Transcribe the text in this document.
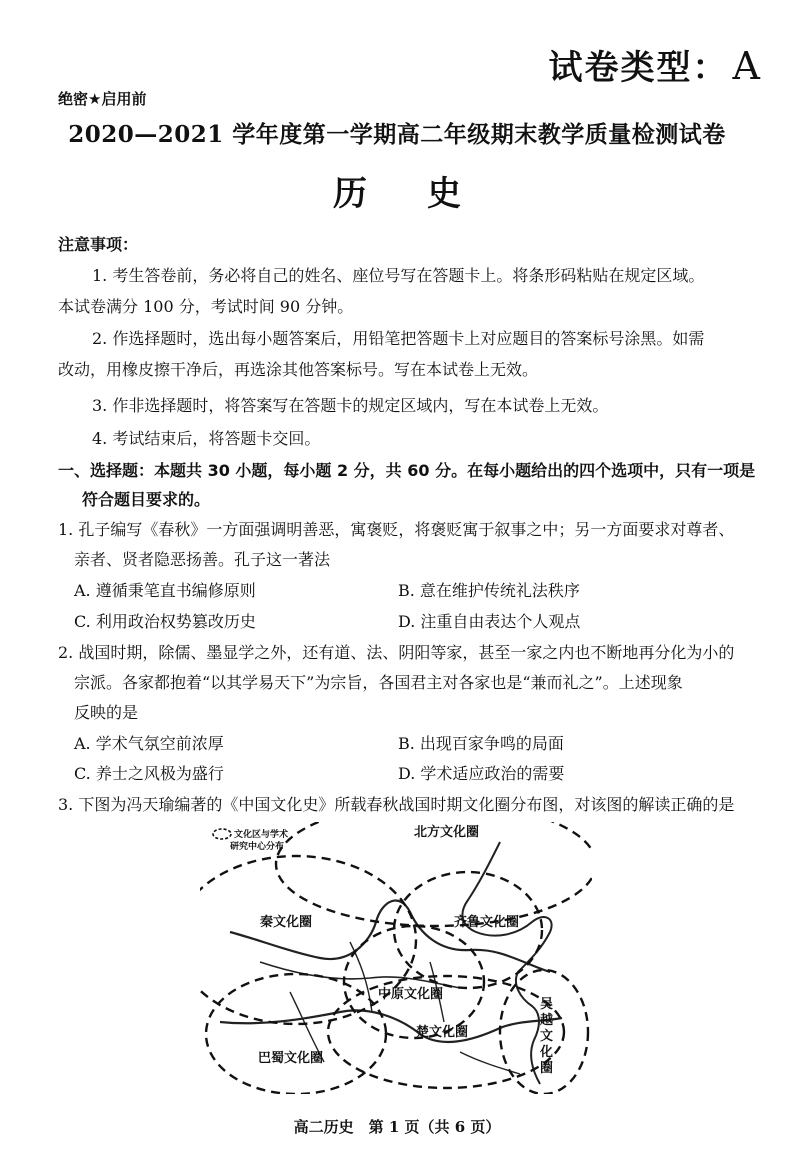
试卷类型： A
绝密★启用前
2020—2021 学年度第一学期高二年级期末教学质量检测试卷
历史
注意事项：
1. 考生答卷前，务必将自己的姓名、座位号写在答题卡上。将条形码粘贴在规定区域。
本试卷满分 100 分，考试时间 90 分钟。
2. 作选择题时，选出每小题答案后，用铅笔把答题卡上对应题目的答案标号涂黑。如需
改动，用橡皮擦干净后，再选涂其他答案标号。写在本试卷上无效。
3. 作非选择题时，将答案写在答题卡的规定区域内，写在本试卷上无效。
4. 考试结束后，将答题卡交回。
一、选择题：本题共 30 小题，每小题 2 分，共 60 分。在每小题给出的四个选项中，只有一项是
符合题目要求的。
1. 孔子编写《春秋》一方面强调明善恶，寓褒贬，将褒贬寓于叙事之中；另一方面要求对尊者、
亲者、贤者隐恶扬善。孔子这一著法
A. 遵循秉笔直书编修原则	B. 意在维护传统礼法秩序
C. 利用政治权势篡改历史	D. 注重自由表达个人观点
2. 战国时期，除儒、墨显学之外，还有道、法、阴阳等家，甚至一家之内也不断地再分化为小的
宗派。各家都抱着“以其学易天下”为宗旨，各国君主对各家也是“兼而礼之”。上述现象
反映的是
A. 学术气氛空前浓厚	B. 出现百家争鸣的局面
C. 养士之风极为盛行	D. 学术适应政治的需要
3. 下图为冯天瑜编著的《中国文化史》所载春秋战国时期文化圈分布图，对该图的解读正确的是
文化区与学术
研究中心分布
北方文化圈
秦文化圈	齐鲁文化圈
中原文化圈
楚文化圈
巴蜀文化圈
吴
越
文
化
圈
高二历史　第 1 页（共 6 页）
